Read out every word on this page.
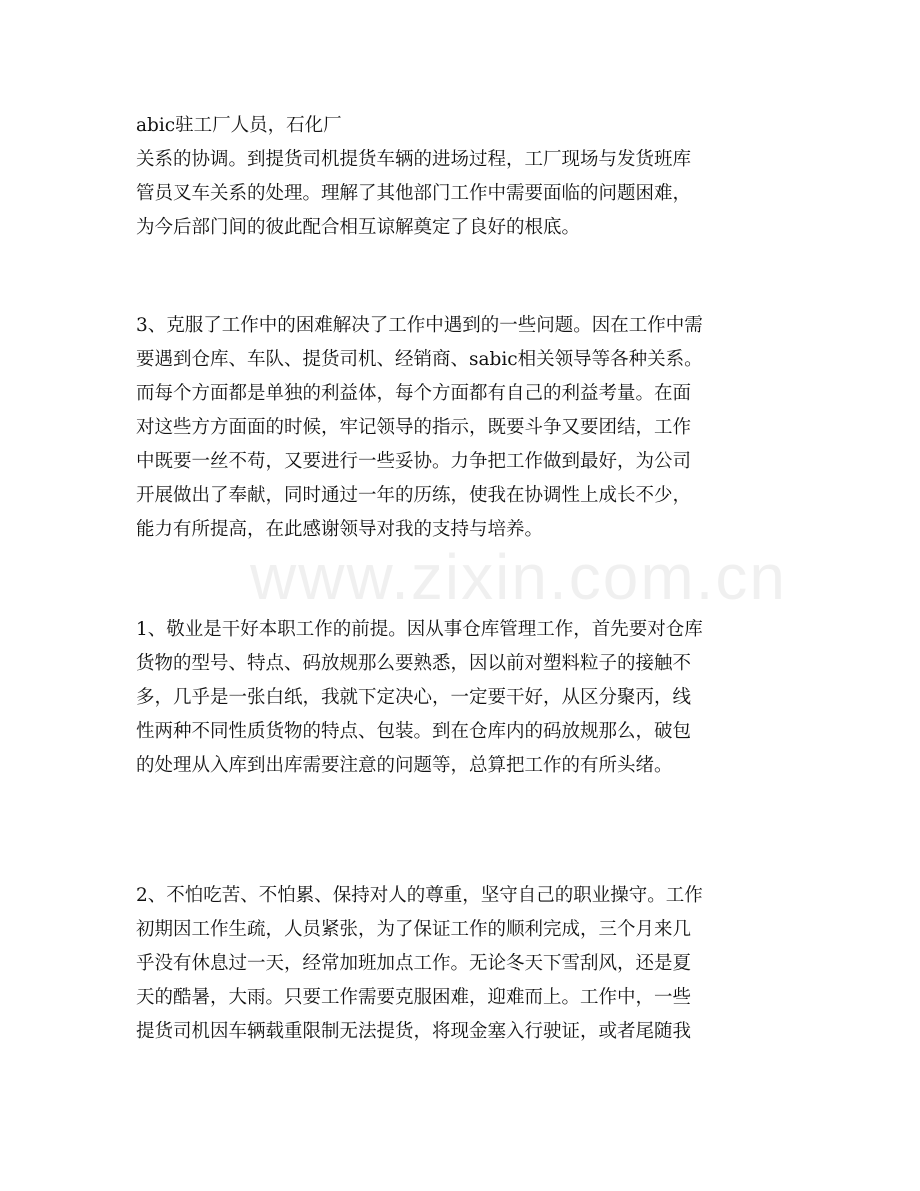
www.zixin.com.cn
abic驻工厂人员，石化厂
关系的协调。到提货司机提货车辆的进场过程，工厂现场与发货班库
管员叉车关系的处理。理解了其他部门工作中需要面临的问题困难，
为今后部门间的彼此配合相互谅解奠定了良好的根底。
3、克服了工作中的困难解决了工作中遇到的一些问题。因在工作中需
要遇到仓库、车队、提货司机、经销商、sabic相关领导等各种关系。
而每个方面都是单独的利益体，每个方面都有自己的利益考量。在面
对这些方方面面的时候，牢记领导的指示，既要斗争又要团结，工作
中既要一丝不苟，又要进行一些妥协。力争把工作做到最好，为公司
开展做出了奉献，同时通过一年的历练，使我在协调性上成长不少，
能力有所提高，在此感谢领导对我的支持与培养。
1、敬业是干好本职工作的前提。因从事仓库管理工作，首先要对仓库
货物的型号、特点、码放规那么要熟悉，因以前对塑料粒子的接触不
多，几乎是一张白纸，我就下定决心，一定要干好，从区分聚丙，线
性两种不同性质货物的特点、包装。到在仓库内的码放规那么，破包
的处理从入库到出库需要注意的问题等，总算把工作的有所头绪。
2、不怕吃苦、不怕累、保持对人的尊重，坚守自己的职业操守。工作
初期因工作生疏，人员紧张，为了保证工作的顺利完成，三个月来几
乎没有休息过一天，经常加班加点工作。无论冬天下雪刮风，还是夏
天的酷暑，大雨。只要工作需要克服困难，迎难而上。工作中，一些
提货司机因车辆载重限制无法提货，将现金塞入行驶证，或者尾随我
